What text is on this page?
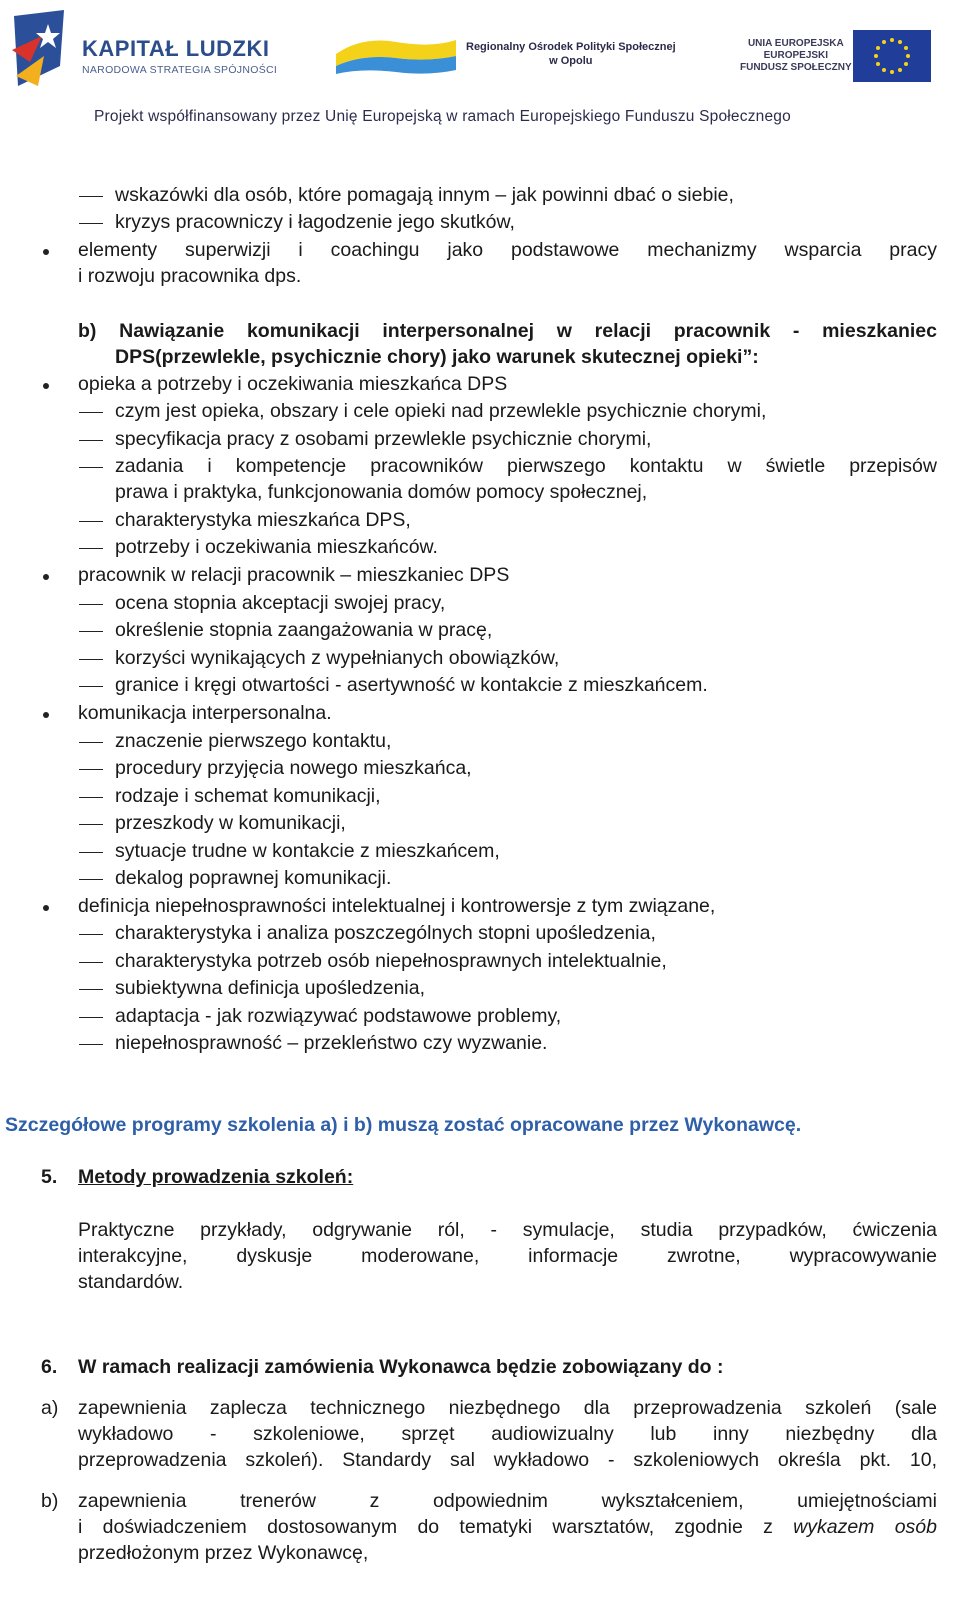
KAPITAŁ LUDZKI
NARODOWA STRATEGIA SPÓJNOŚCI
Regionalny Ośrodek Polityki Społecznej
w Opolu
UNIA EUROPEJSKA
EUROPEJSKI
FUNDUSZ SPOŁECZNY
Projekt współfinansowany przez Unię Europejską w ramach Europejskiego Funduszu Społecznego
wskazówki dla osób, które pomagają innym – jak powinni dbać o siebie,
kryzys pracowniczy i łagodzenie jego skutków,
elementy superwizji i coachingu jako podstawowe mechanizmy wsparcia pracy
i rozwoju pracownika dps.
b) Nawiązanie komunikacji interpersonalnej w relacji pracownik - mieszkaniec
DPS(przewlekle, psychicznie chory) jako warunek skutecznej opieki”:
opieka a potrzeby i oczekiwania mieszkańca DPS
czym jest opieka, obszary i cele opieki nad przewlekle psychicznie chorymi,
specyfikacja pracy z osobami przewlekle psychicznie chorymi,
zadania i kompetencje pracowników pierwszego kontaktu w świetle przepisów
prawa i praktyka, funkcjonowania domów pomocy społecznej,
charakterystyka mieszkańca DPS,
potrzeby i oczekiwania mieszkańców.
pracownik w relacji pracownik – mieszkaniec DPS
ocena stopnia akceptacji swojej pracy,
określenie stopnia zaangażowania w pracę,
korzyści wynikających z wypełnianych obowiązków,
granice i kręgi otwartości - asertywność w kontakcie z mieszkańcem.
komunikacja interpersonalna.
znaczenie pierwszego kontaktu,
procedury przyjęcia nowego mieszkańca,
rodzaje i schemat komunikacji,
przeszkody w komunikacji,
sytuacje trudne w kontakcie z mieszkańcem,
dekalog poprawnej komunikacji.
definicja niepełnosprawności intelektualnej i kontrowersje z tym związane,
charakterystyka i analiza poszczególnych stopni upośledzenia,
charakterystyka potrzeb osób niepełnosprawnych intelektualnie,
subiektywna definicja upośledzenia,
adaptacja - jak rozwiązywać podstawowe problemy,
niepełnosprawność – przekleństwo czy wyzwanie.
Szczegółowe programy szkolenia a) i b) muszą zostać opracowane przez Wykonawcę.
5. Metody prowadzenia szkoleń:
Praktyczne przykłady, odgrywanie ról, - symulacje, studia przypadków, ćwiczenia
interakcyjne, dyskusje moderowane, informacje zwrotne, wypracowywanie
standardów.
6. W ramach realizacji zamówienia Wykonawca będzie zobowiązany do :
a) zapewnienia zaplecza technicznego niezbędnego dla przeprowadzenia szkoleń (sale
wykładowo - szkoleniowe, sprzęt audiowizualny lub inny niezbędny dla
przeprowadzenia szkoleń). Standardy sal wykładowo - szkoleniowych określa pkt. 10,
b) zapewnienia trenerów z odpowiednim wykształceniem, umiejętnościami
i doświadczeniem dostosowanym do tematyki warsztatów, zgodnie z wykazem osób
przedłożonym przez Wykonawcę,
